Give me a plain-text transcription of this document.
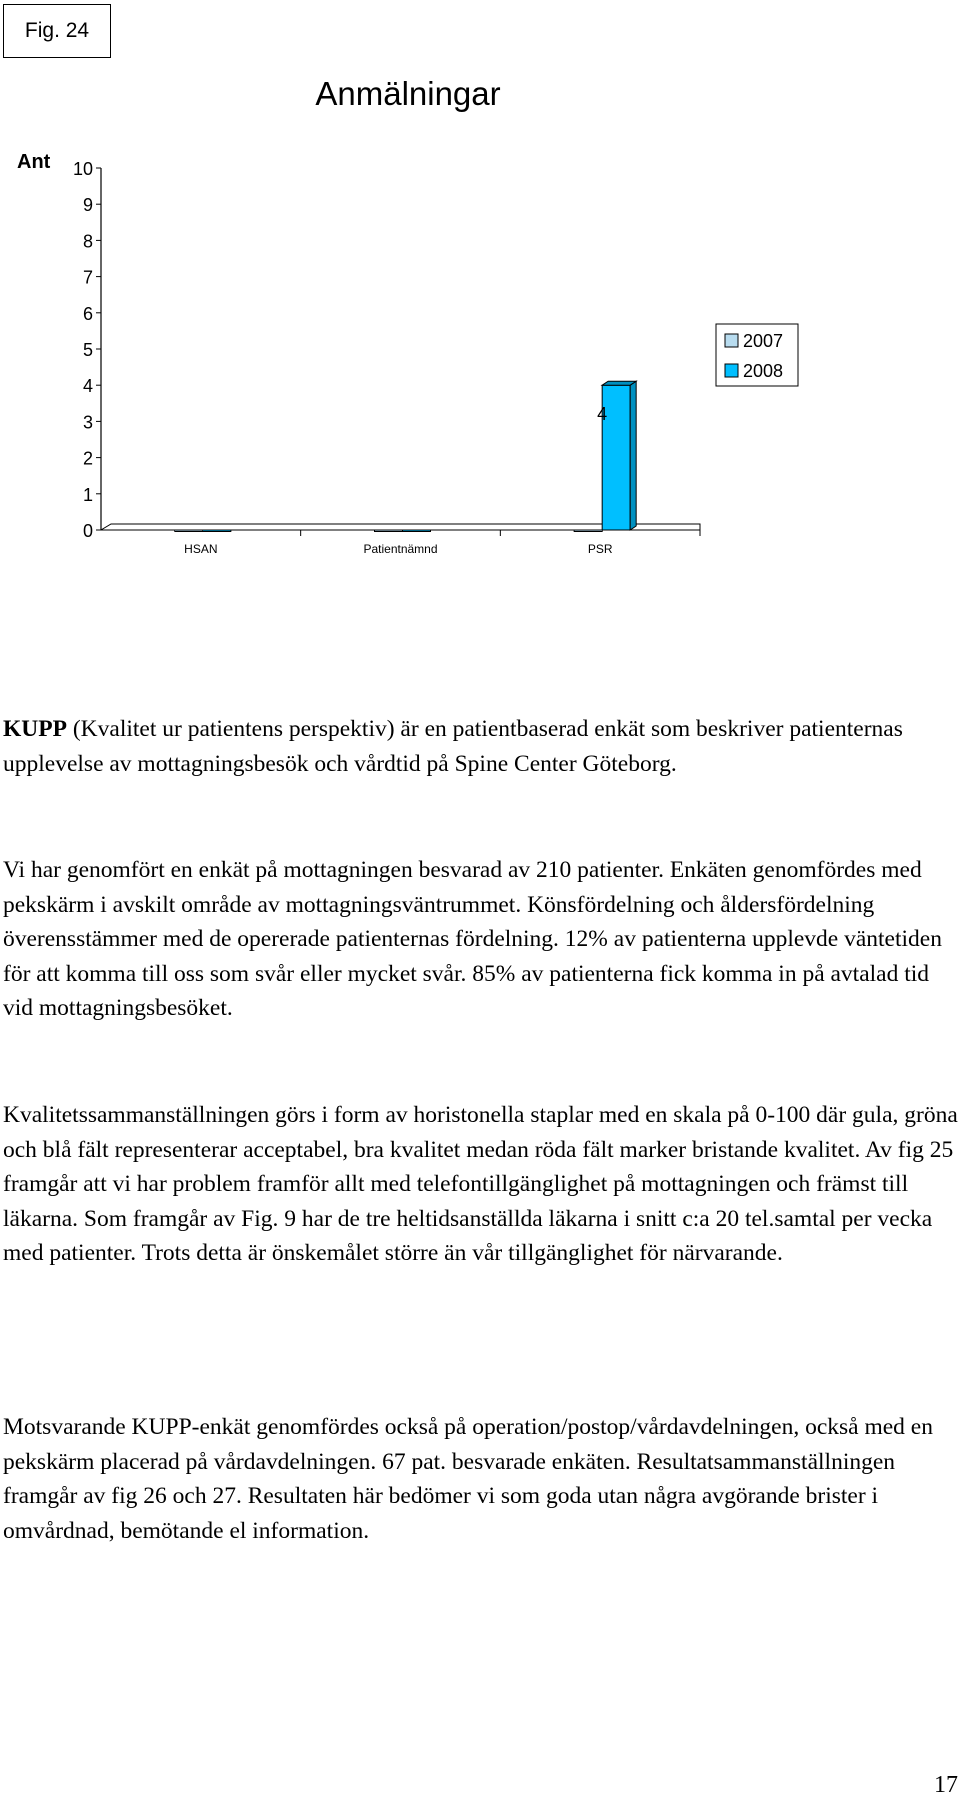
Fig. 24
Anmälningar
Ant
0
1
2
3
4
5
6
7
8
9
10
HSAN	Patientnämnd
4
PSR
2007
2008

KUPP (Kvalitet ur patientens perspektiv) är en patientbaserad enkät som beskriver patienternas upplevelse av mottagningsbesök och vårdtid på Spine Center Göteborg.

Vi har genomfört en enkät på mottagningen besvarad av 210 patienter. Enkäten genomfördes med pekskärm i avskilt område av mottagningsväntrummet. Könsfördelning och åldersfördelning överensstämmer med de opererade patienternas fördelning. 12% av patienterna upplevde väntetiden för att komma till oss som svår eller mycket svår. 85% av patienterna fick komma in på avtalad tid vid mottagningsbesöket.

Kvalitetssammanställningen görs i form av horistonella staplar med en skala på 0-100 där gula, gröna och blå fält representerar acceptabel, bra kvalitet medan röda fält marker bristande kvalitet. Av fig 25 framgår att vi har problem framför allt med telefontillgänglighet på mottagningen och främst till läkarna. Som framgår av Fig. 9 har de tre heltidsanställda läkarna i snitt c:a 20 tel.samtal per vecka med patienter. Trots detta är önskemålet större än vår tillgänglighet för närvarande.

Motsvarande KUPP-enkät genomfördes också på operation/postop/vårdavdelningen, också med en pekskärm placerad på vårdavdelningen. 67 pat. besvarade enkäten. Resultatsammanställningen framgår av fig 26 och 27. Resultaten här bedömer vi som goda utan några avgörande brister i omvårdnad, bemötande el information.

17
